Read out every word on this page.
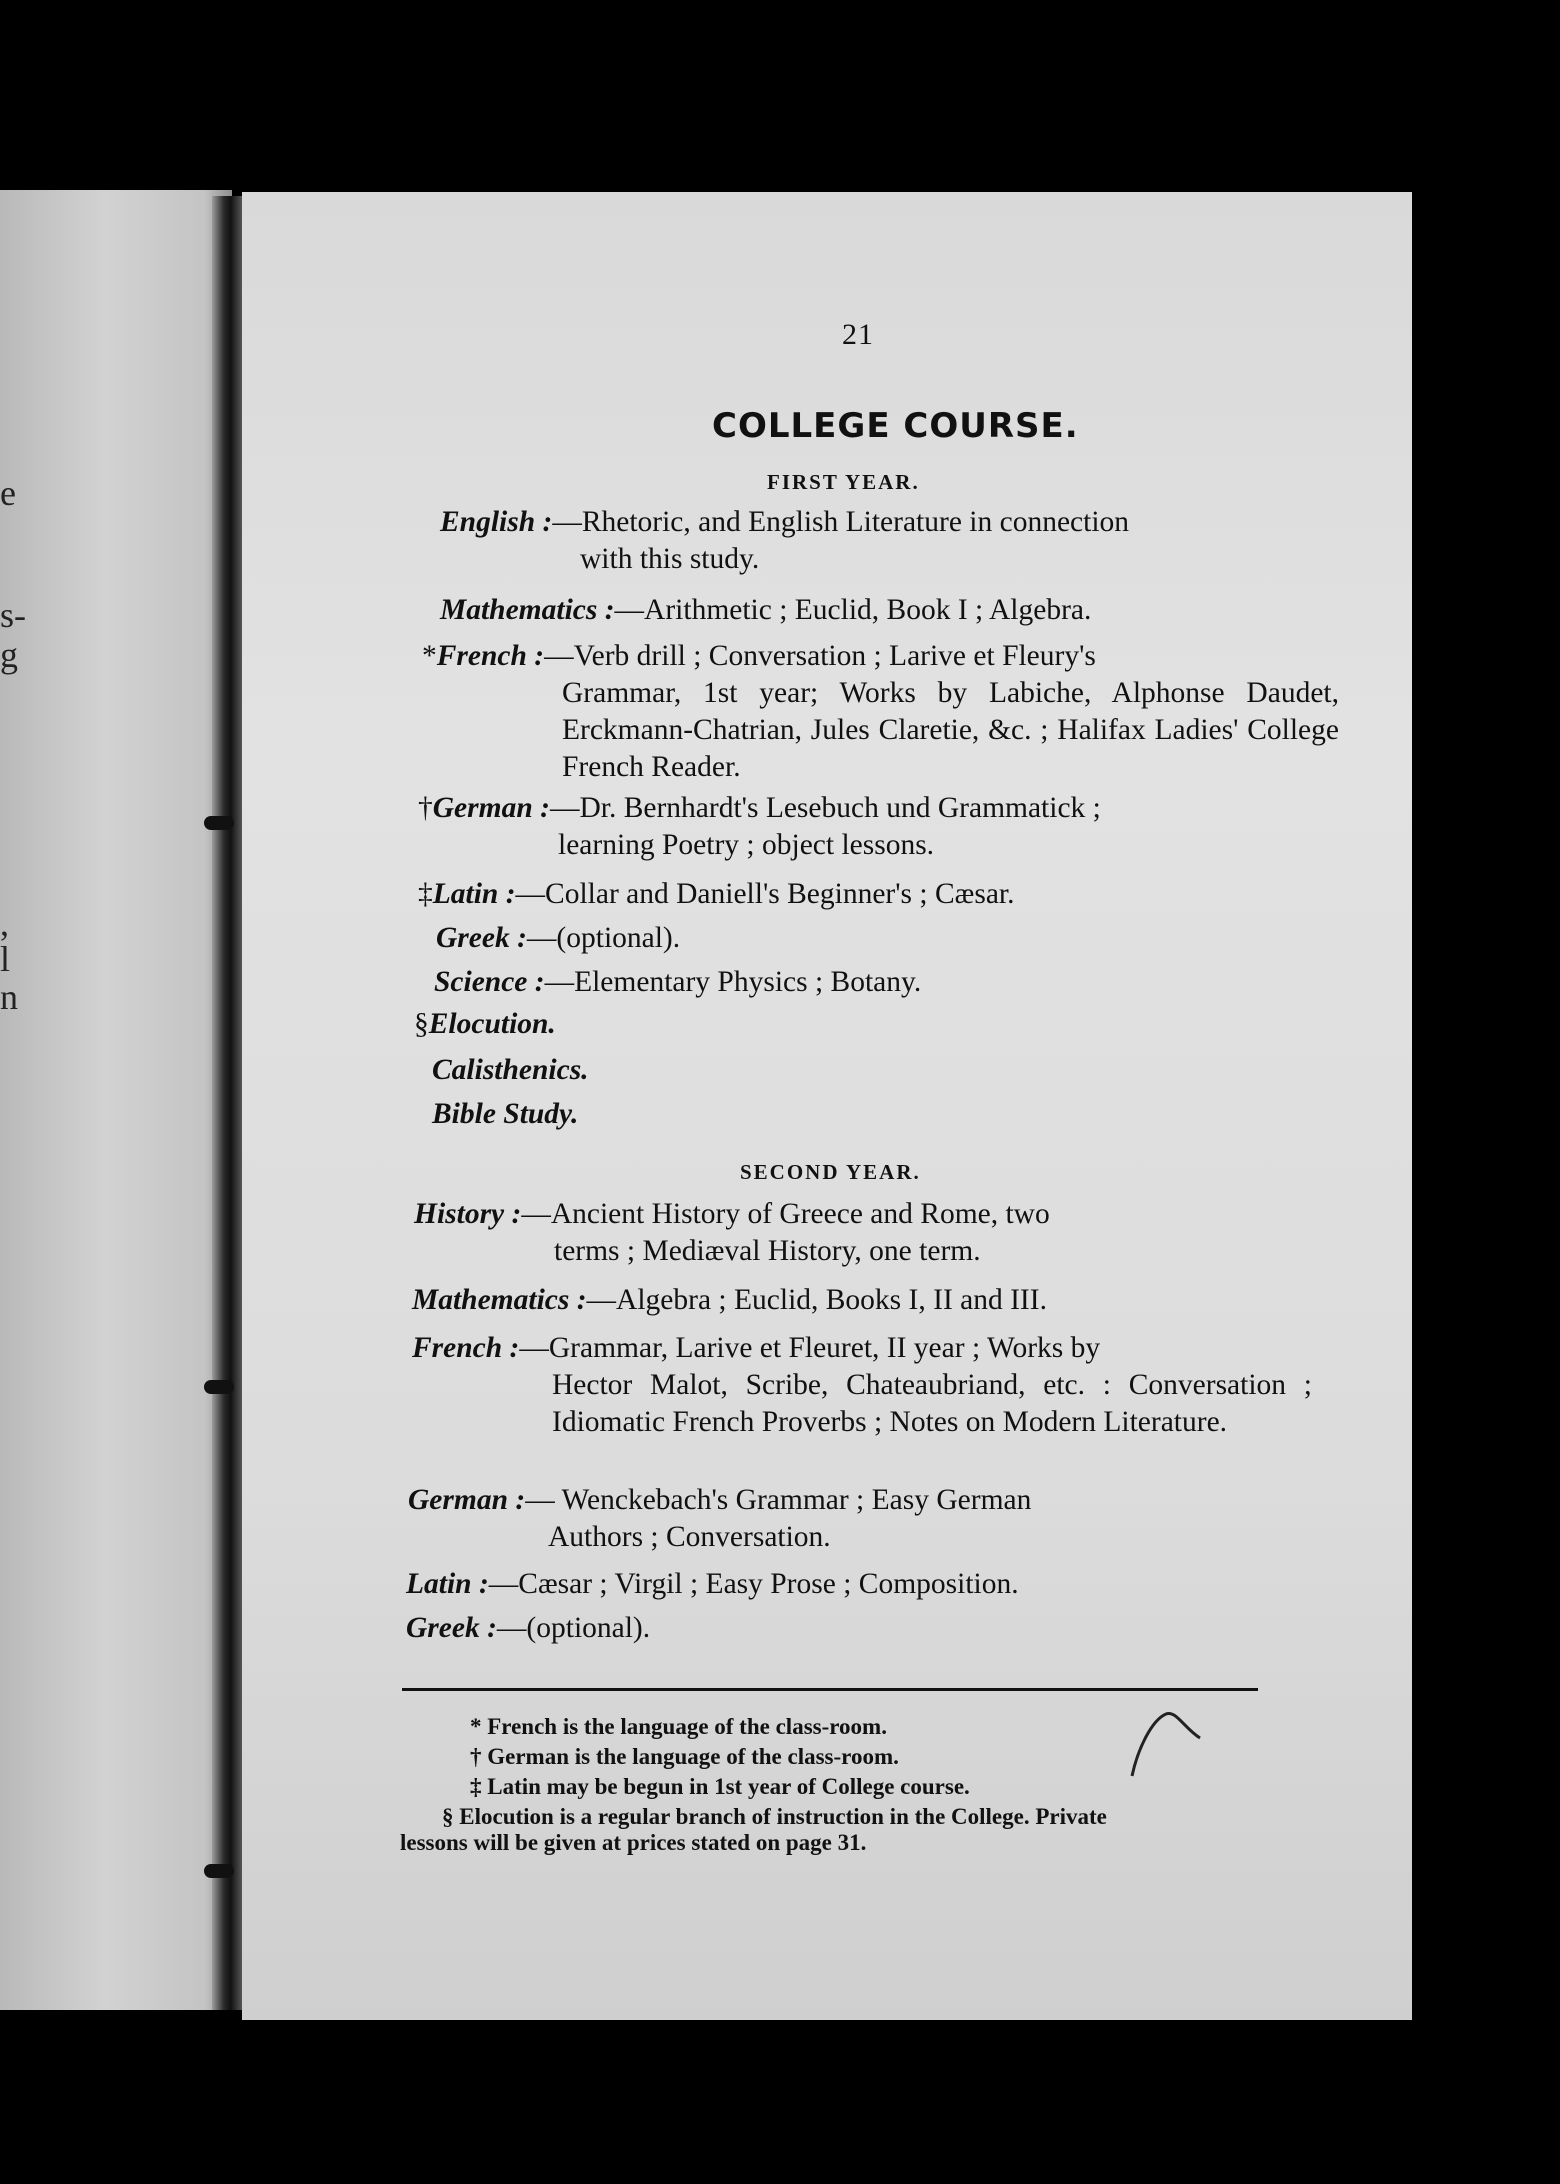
e
s-
g
,
l
n
21
COLLEGE COURSE.
FIRST YEAR.
English :—Rhetoric, and English Literature in connection
with this study.
Mathematics :—Arithmetic ; Euclid, Book I ; Algebra.
*French :—Verb drill ; Conversation ; Larive et Fleury's
Grammar, 1st year; Works by Labiche, Alphonse Daudet, Erckmann-Chatrian, Jules Claretie, &c. ; Halifax Ladies' College French Reader.
†German :—Dr. Bernhardt's Lesebuch und Grammatick ;
learning Poetry ; object lessons.
‡Latin :—Collar and Daniell's Beginner's ; Cæsar.
Greek :—(optional).
Science :—Elementary Physics ; Botany.
§Elocution.
Calisthenics.
Bible Study.
SECOND YEAR.
History :—Ancient History of Greece and Rome, two
terms ; Mediæval History, one term.
Mathematics :—Algebra ; Euclid, Books I, II and III.
French :—Grammar, Larive et Fleuret, II year ; Works by
Hector Malot, Scribe, Chateaubriand, etc. : Conversation ; Idiomatic French Proverbs ; Notes on Modern Literature.
German :— Wenckebach's Grammar ; Easy German
Authors ; Conversation.
Latin :—Cæsar ; Virgil ; Easy Prose ; Composition.
Greek :—(optional).
* French is the language of the class-room.
† German is the language of the class-room.
‡ Latin may be begun in 1st year of College course.
§ Elocution is a regular branch of instruction in the College. Private
lessons will be given at prices stated on page 31.
